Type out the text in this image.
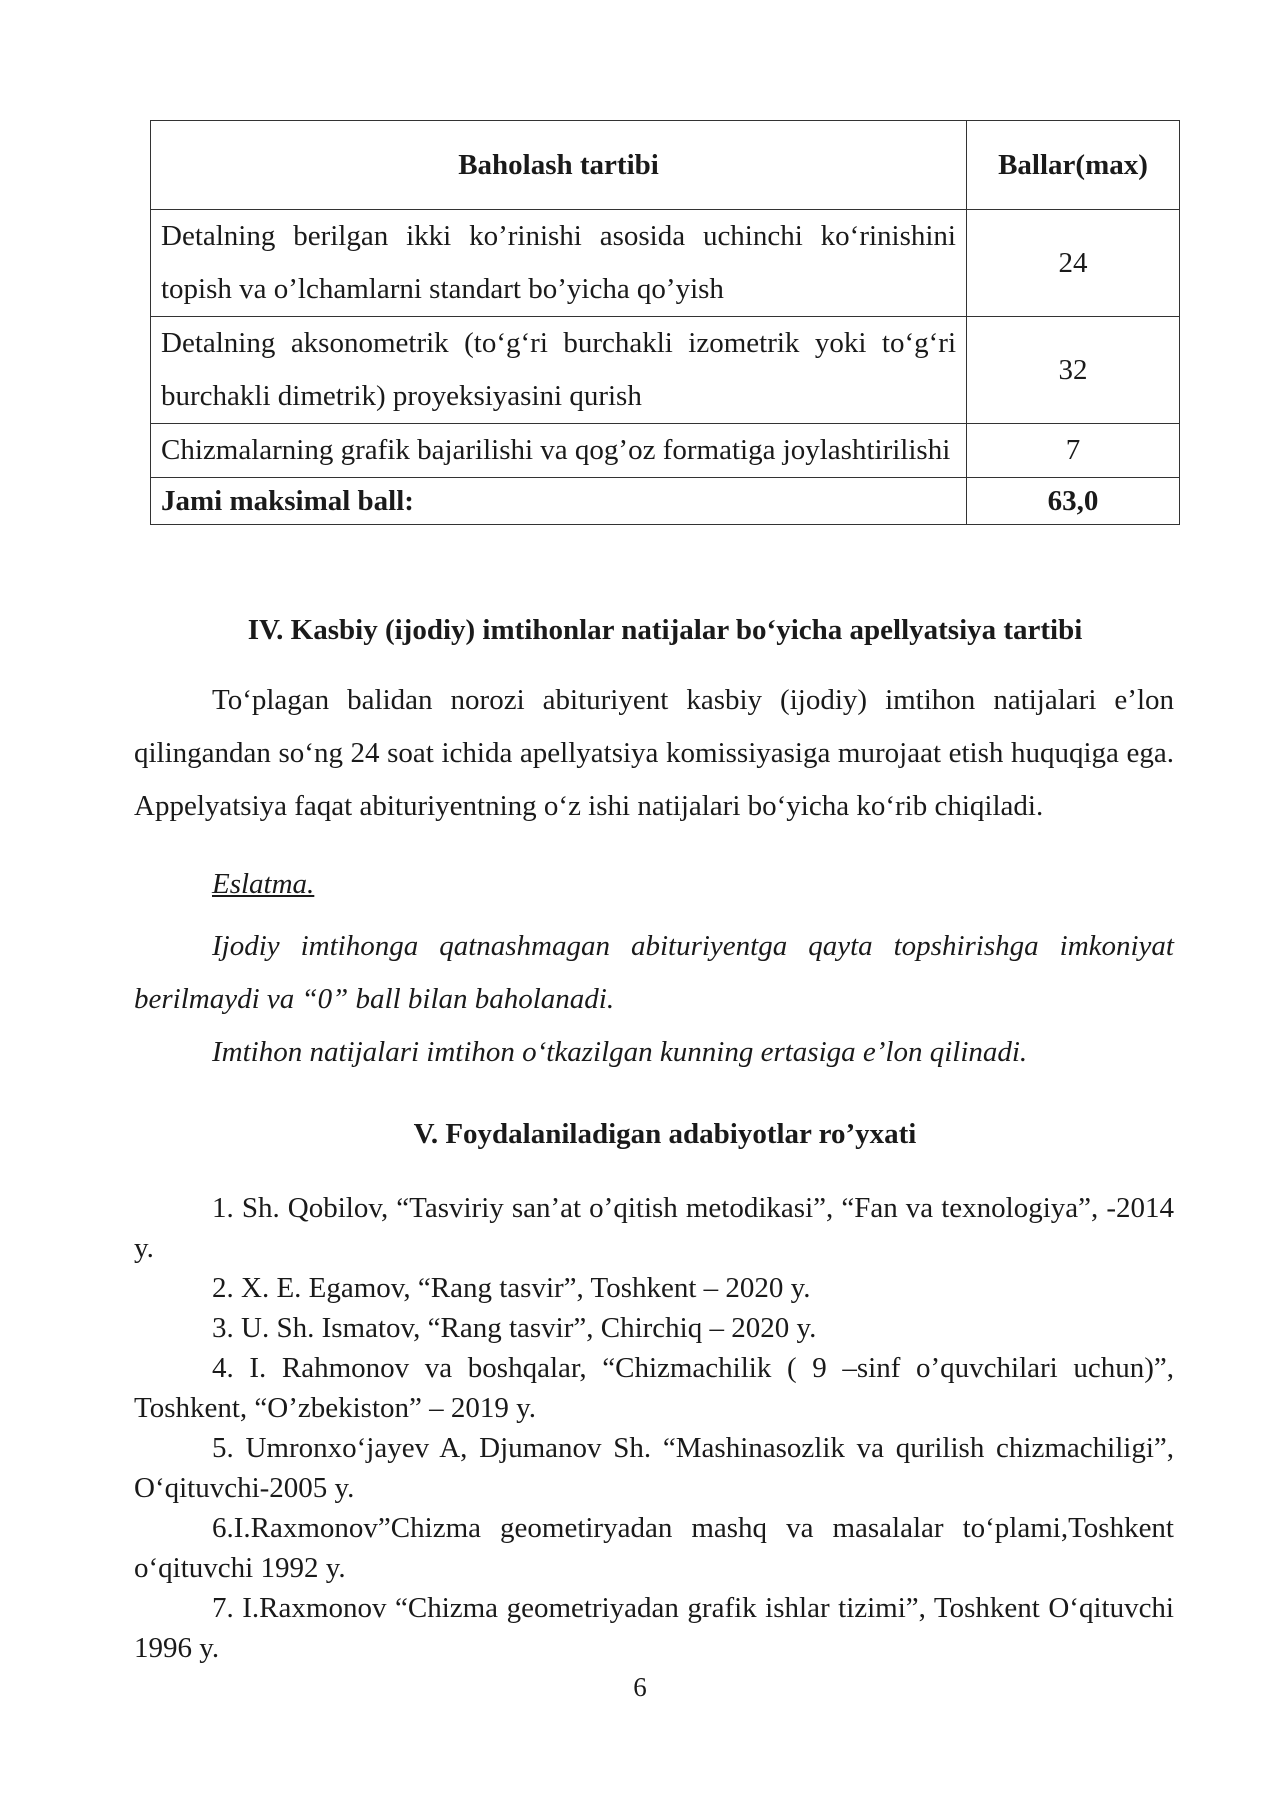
Baholash tartibi	Ballar(max)
Detalning berilgan ikki ko’rinishi asosida uchinchi ko‘rinishini topish va o’lchamlarni standart bo’yicha qo’yish	24
Detalning aksonometrik (to‘g‘ri burchakli izometrik yoki to‘g‘ri burchakli dimetrik) proyeksiyasini qurish	32
Chizmalarning grafik bajarilishi va qog’oz formatiga joylashtirilishi	7
Jami maksimal ball:	63,0
IV. Kasbiy (ijodiy) imtihonlar natijalar bo‘yicha apellyatsiya tartibi

To‘plagan balidan norozi abituriyent kasbiy (ijodiy) imtihon natijalari e’lon qilingandan so‘ng 24 soat ichida apellyatsiya komissiyasiga murojaat etish huquqiga ega. Appelyatsiya faqat abituriyentning o‘z ishi natijalari bo‘yicha ko‘rib chiqiladi.

Eslatma.

Ijodiy imtihonga qatnashmagan abituriyentga qayta topshirishga imkoniyat berilmaydi va “0” ball bilan baholanadi.

Imtihon natijalari imtihon o‘tkazilgan kunning ertasiga e’lon qilinadi.

V. Foydalaniladigan adabiyotlar ro’yxati

1. Sh. Qobilov, “Tasviriy san’at o’qitish metodikasi”, “Fan va texnologiya”, -2014 y.

2. X. E. Egamov, “Rang tasvir”, Toshkent – 2020 y.

3. U. Sh. Ismatov, “Rang tasvir”, Chirchiq – 2020 y.

4. I. Rahmonov va boshqalar, “Chizmachilik ( 9 –sinf o’quvchilari uchun)”, Toshkent, “O’zbekiston” – 2019 y.

5. Umronxo‘jayev A, Djumanov Sh. “Mashinasozlik va qurilish chizmachiligi”, O‘qituvchi-2005 y.

6.I.Raxmonov”Chizma geometiryadan mashq va masalalar to‘plami,Toshkent o‘qituvchi 1992 y.

7. I.Raxmonov “Chizma geometriyadan grafik ishlar tizimi”, Toshkent O‘qituvchi 1996 y.

6
